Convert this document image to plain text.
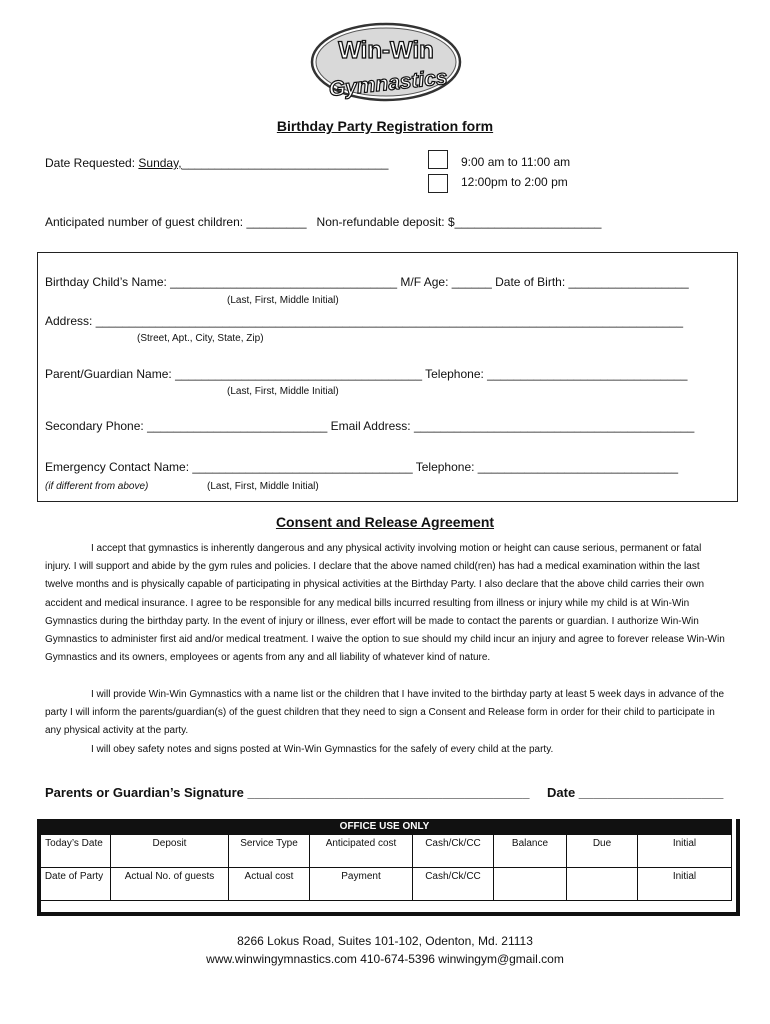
Win-Win
Gymnastics
Birthday Party Registration form
Date Requested: Sunday,_______________________________	9:00 am to 11:00 am
12:00pm to 2:00 pm
Anticipated number of guest children: _________ Non-refundable deposit: $______________________
Birthday Child’s Name: __________________________________ M/F Age: ______ Date of Birth: __________________
(Last, First, Middle Initial)
Address: ________________________________________________________________________________________
(Street, Apt., City, State, Zip)
Parent/Guardian Name: _____________________________________ Telephone: ______________________________
(Last, First, Middle Initial)
Secondary Phone: ___________________________ Email Address: __________________________________________
Emergency Contact Name: _________________________________ Telephone: ______________________________
(if different from above)	(Last, First, Middle Initial)
Consent and Release Agreement
I accept that gymnastics is inherently dangerous and any physical activity involving motion or height can cause serious, permanent or fatal injury. I will support and abide by the gym rules and policies. I declare that the above named child(ren) has had a medical examination within the last twelve months and is physically capable of participating in physical activities at the Birthday Party. I also declare that the above child carries their own accident and medical insurance. I agree to be responsible for any medical bills incurred resulting from illness or injury while my child is at Win-Win Gymnastics during the birthday party. In the event of injury or illness, ever effort will be made to contact the parents or guardian. I authorize Win-Win Gymnastics to administer first aid and/or medical treatment. I waive the option to sue should my child incur an injury and agree to forever release Win-Win Gymnastics and its owners, employees or agents from any and all liability of whatever kind of nature.
I will provide Win-Win Gymnastics with a name list or the children that I have invited to the birthday party at least 5 week days in advance of the party I will inform the parents/guardian(s) of the guest children that they need to sign a Consent and Release form in order for their child to participate in any physical activity at the party.
I will obey safety notes and signs posted at Win-Win Gymnastics for the safely of every child at the party.
Parents or Guardian’s Signature _______________________________________ Date ____________________
OFFICE USE ONLY							
Today’s Date	Deposit	Service Type	Anticipated cost	Cash/Ck/CC	Balance	Due	Initial
Date of Party	Actual No. of guests	Actual cost	Payment	Cash/Ck/CC			Initial
8266 Lokus Road, Suites 101-102, Odenton, Md. 21113
www.winwingymnastics.com 410-674-5396 winwingym@gmail.com
